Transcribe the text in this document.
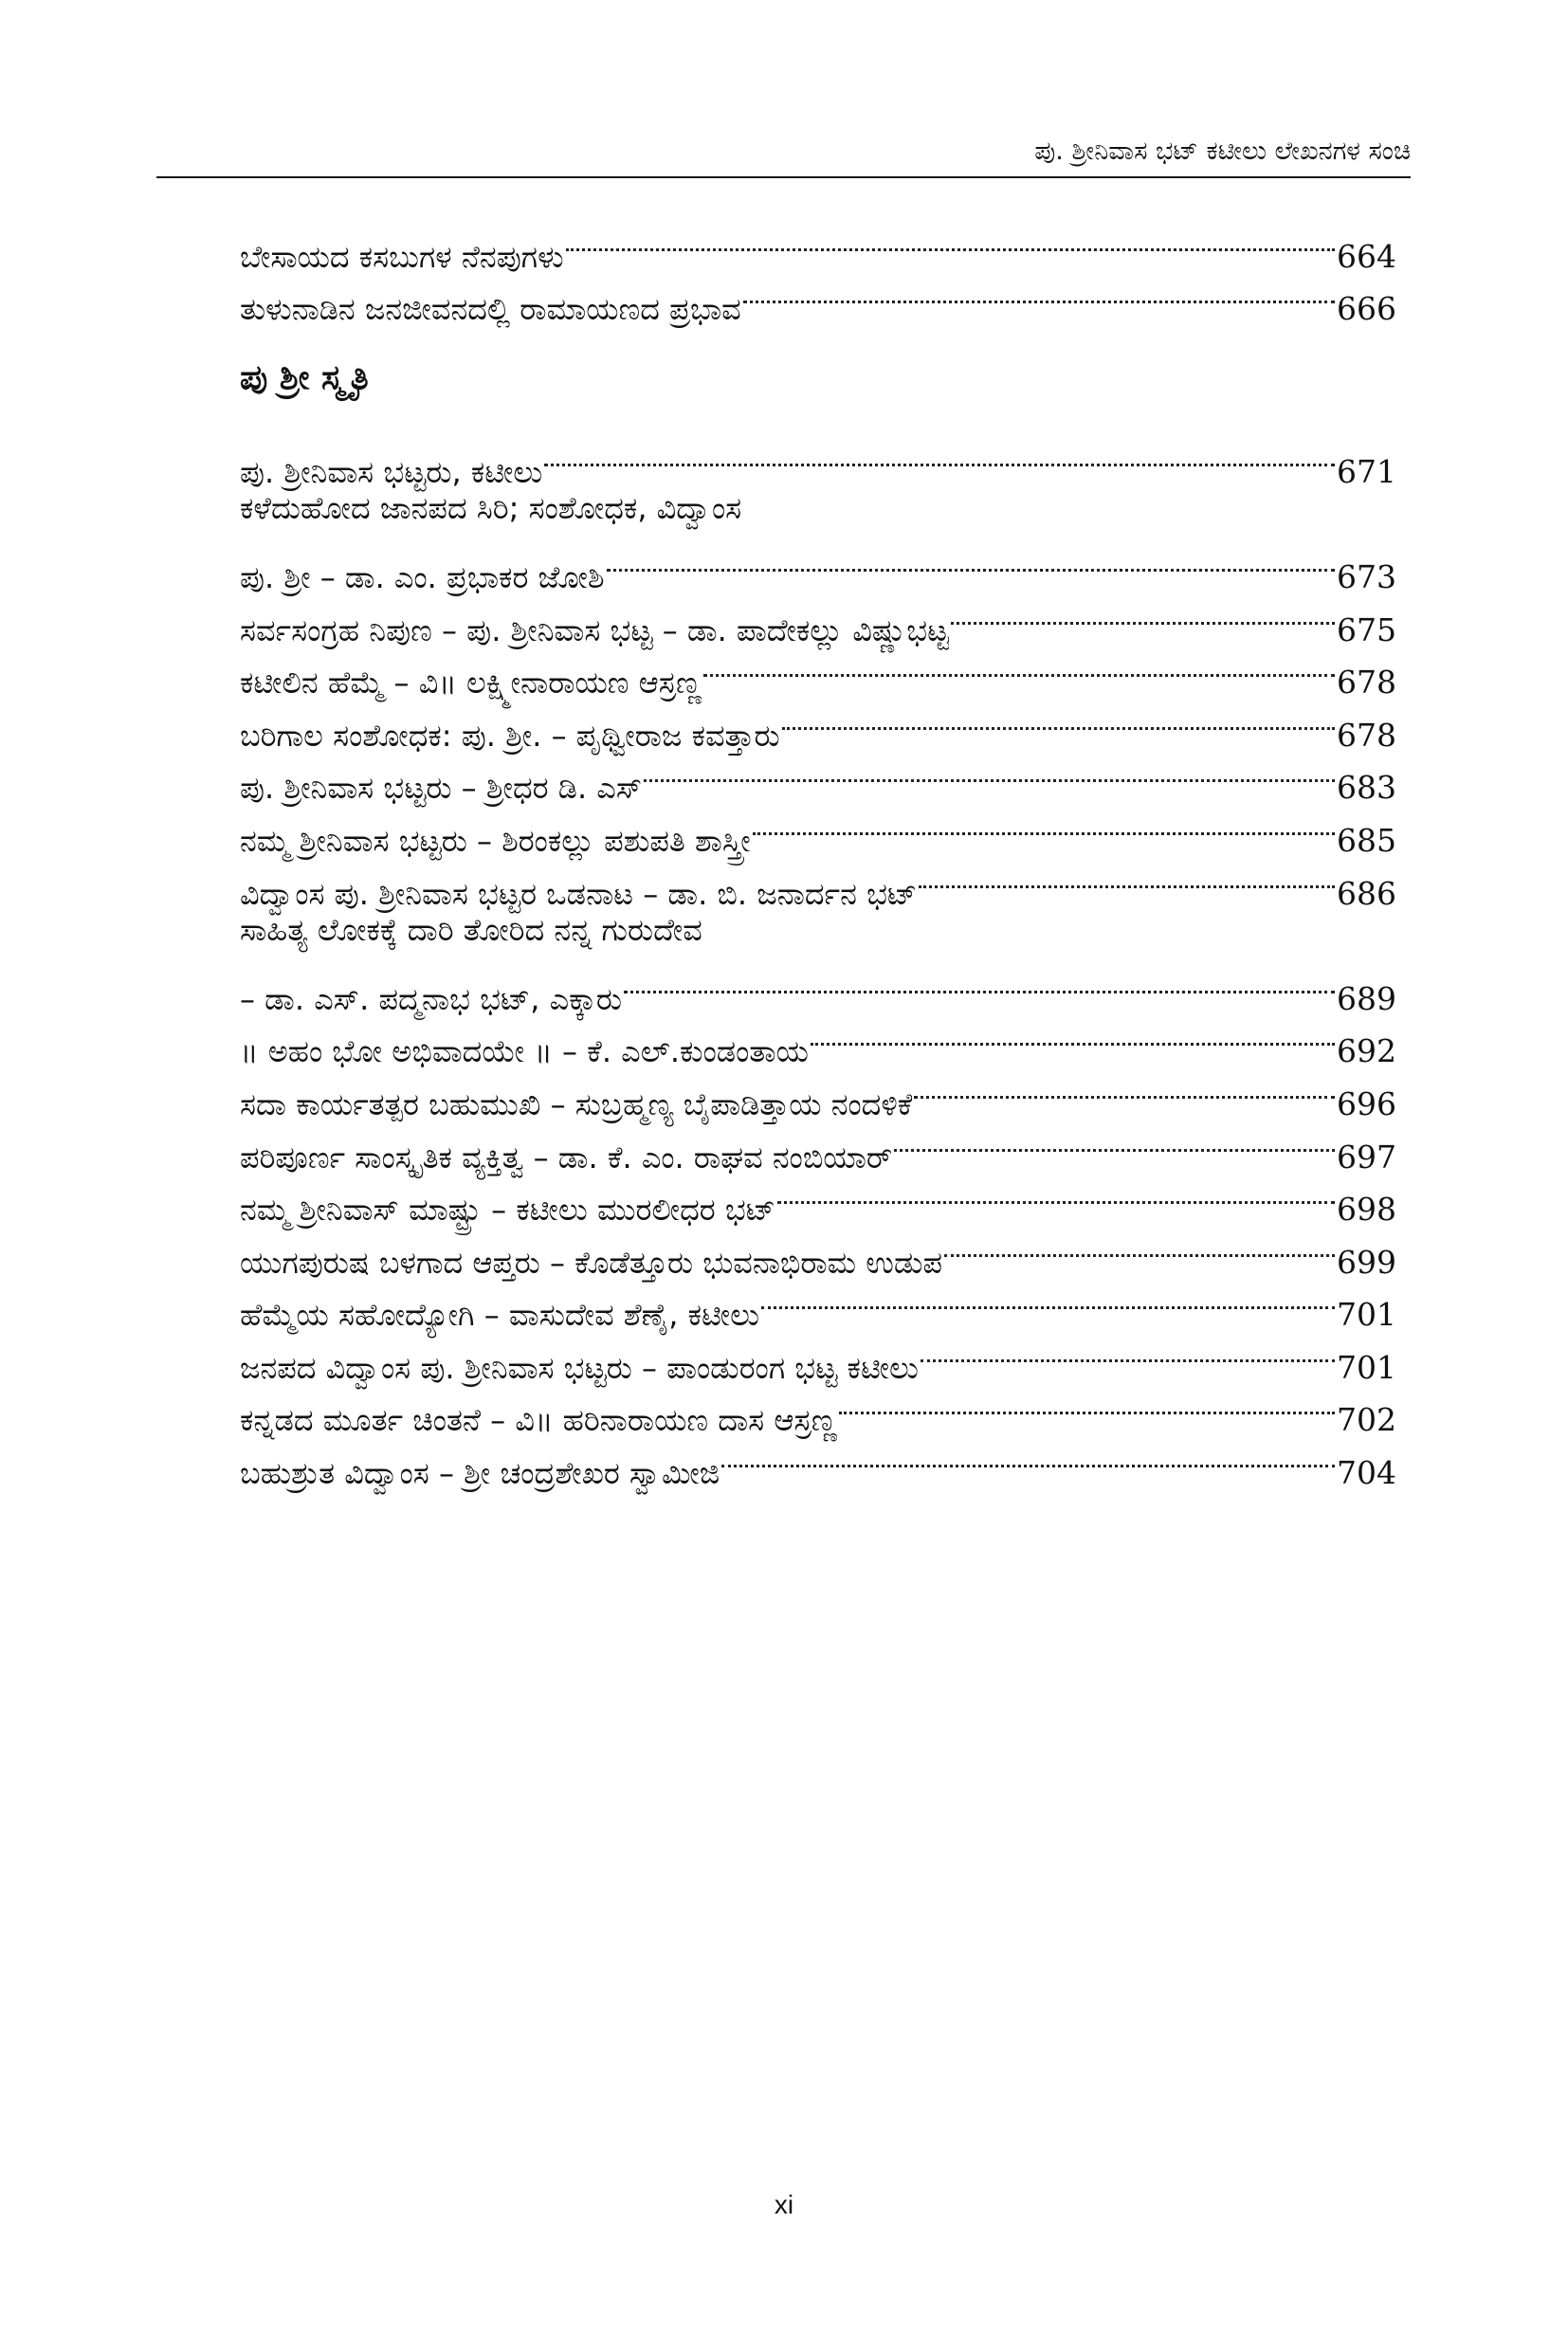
ಪು. ಶ್ರೀನಿವಾಸ ಭಟ್ ಕಟೀಲು ಲೇಖನಗಳ ಸಂಚಿ
ಬೇಸಾಯದ ಕಸಬುಗಳ ನೆನಪುಗಳು	664
ತುಳುನಾಡಿನ ಜನಜೀವನದಲ್ಲಿ ರಾಮಾಯಣದ ಪ್ರಭಾವ	666
ಪು ಶ್ರೀ ಸ್ಮೃತಿ
ಪು. ಶ್ರೀನಿವಾಸ ಭಟ್ಟರು, ಕಟೀಲು	671
ಕಳೆದುಹೋದ ಜಾನಪದ ಸಿರಿ; ಸಂಶೋಧಕ, ವಿದ್ವಾಂಸ
ಪು. ಶ್ರೀ – ಡಾ. ಎಂ. ಪ್ರಭಾಕರ ಜೋಶಿ	673
ಸರ್ವಸಂಗ್ರಹ ನಿಪುಣ – ಪು. ಶ್ರೀನಿವಾಸ ಭಟ್ಟ – ಡಾ. ಪಾದೇಕಲ್ಲು ವಿಷ್ಣುಭಟ್ಟ	675
ಕಟೀಲಿನ ಹೆಮ್ಮೆ – ವಿ॥ ಲಕ್ಷ್ಮೀನಾರಾಯಣ ಆಸ್ರಣ್ಣ	678
ಬರಿಗಾಲ ಸಂಶೋಧಕ: ಪು. ಶ್ರೀ. – ಪೃಥ್ವೀರಾಜ ಕವತ್ತಾರು	678
ಪು. ಶ್ರೀನಿವಾಸ ಭಟ್ಟರು – ಶ್ರೀಧರ ಡಿ. ಎಸ್	683
ನಮ್ಮ ಶ್ರೀನಿವಾಸ ಭಟ್ಟರು – ಶಿರಂಕಲ್ಲು ಪಶುಪತಿ ಶಾಸ್ತ್ರೀ	685
ವಿದ್ವಾಂಸ ಪು. ಶ್ರೀನಿವಾಸ ಭಟ್ಟರ ಒಡನಾಟ – ಡಾ. ಬಿ. ಜನಾರ್ದನ ಭಟ್	686
ಸಾಹಿತ್ಯ ಲೋಕಕ್ಕೆ ದಾರಿ ತೋರಿದ ನನ್ನ ಗುರುದೇವ
– ಡಾ. ಎಸ್. ಪದ್ಮನಾಭ ಭಟ್, ಎಕ್ಕಾರು	689
॥ ಅಹಂ ಭೋ ಅಭಿವಾದಯೇ ॥ – ಕೆ. ಎಲ್.ಕುಂಡಂತಾಯ	692
ಸದಾ ಕಾರ್ಯತತ್ಪರ ಬಹುಮುಖಿ – ಸುಬ್ರಹ್ಮಣ್ಯ ಬೈಪಾಡಿತ್ತಾಯ ನಂದಳಿಕೆ	696
ಪರಿಪೂರ್ಣ ಸಾಂಸ್ಕೃತಿಕ ವ್ಯಕ್ತಿತ್ವ – ಡಾ. ಕೆ. ಎಂ. ರಾಘವ ನಂಬಿಯಾರ್	697
ನಮ್ಮ ಶ್ರೀನಿವಾಸ್ ಮಾಷ್ಟ್ರು – ಕಟೀಲು ಮುರಲೀಧರ ಭಟ್	698
ಯುಗಪುರುಷ ಬಳಗಾದ ಆಪ್ತರು – ಕೊಡೆತ್ತೂರು ಭುವನಾಭಿರಾಮ ಉಡುಪ	699
ಹೆಮ್ಮೆಯ ಸಹೋದ್ಯೋಗಿ – ವಾಸುದೇವ ಶೆಣೈ, ಕಟೀಲು	701
ಜನಪದ ವಿದ್ವಾಂಸ ಪು. ಶ್ರೀನಿವಾಸ ಭಟ್ಟರು – ಪಾಂಡುರಂಗ ಭಟ್ಟ ಕಟೀಲು	701
ಕನ್ನಡದ ಮೂರ್ತ ಚಿಂತನೆ – ವಿ॥ ಹರಿನಾರಾಯಣ ದಾಸ ಆಸ್ರಣ್ಣ	702
ಬಹುಶ್ರುತ ವಿದ್ವಾಂಸ – ಶ್ರೀ ಚಂದ್ರಶೇಖರ ಸ್ವಾಮೀಜಿ	704
xi
